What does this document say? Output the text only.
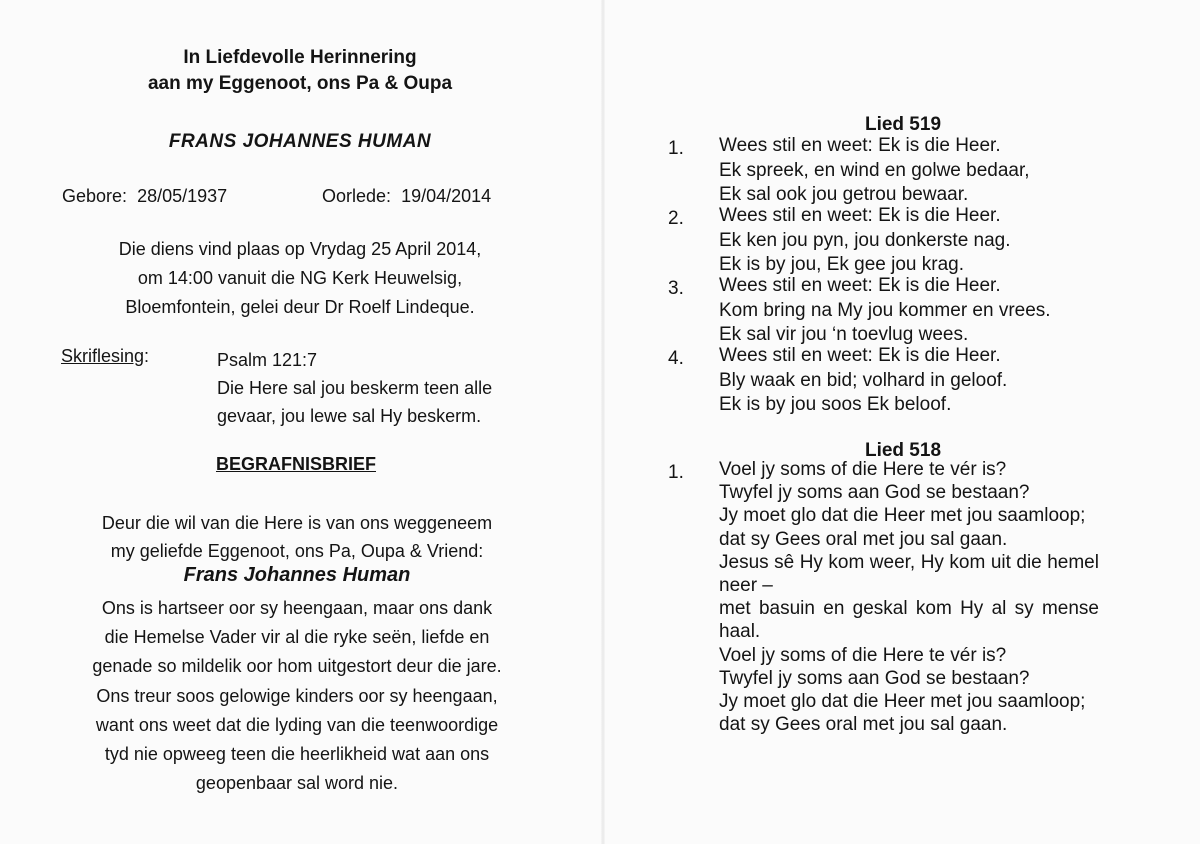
In Liefdevolle Herinnering
aan my Eggenoot, ons Pa & Oupa
FRANS JOHANNES HUMAN
Gebore: 28/05/1937	Oorlede: 19/04/2014
Die diens vind plaas op Vrydag 25 April 2014,
om 14:00 vanuit die NG Kerk Heuwelsig,
Bloemfontein, gelei deur Dr Roelf Lindeque.
Skriflesing:	Psalm 121:7
Die Here sal jou beskerm teen alle
gevaar, jou lewe sal Hy beskerm.
BEGRAFNISBRIEF
Deur die wil van die Here is van ons weggeneem
my geliefde Eggenoot, ons Pa, Oupa & Vriend:
Frans Johannes Human
Ons is hartseer oor sy heengaan, maar ons dank
die Hemelse Vader vir al die ryke seën, liefde en
genade so mildelik oor hom uitgestort deur die jare.
Ons treur soos gelowige kinders oor sy heengaan,
want ons weet dat die lyding van die teenwoordige
tyd nie opweeg teen die heerlikheid wat aan ons
geopenbaar sal word nie.
Lied 519
1. Wees stil en weet: Ek is die Heer.
Ek spreek, en wind en golwe bedaar,
Ek sal ook jou getrou bewaar.
2. Wees stil en weet: Ek is die Heer.
Ek ken jou pyn, jou donkerste nag.
Ek is by jou, Ek gee jou krag.
3. Wees stil en weet: Ek is die Heer.
Kom bring na My jou kommer en vrees.
Ek sal vir jou ‘n toevlug wees.
4. Wees stil en weet: Ek is die Heer.
Bly waak en bid; volhard in geloof.
Ek is by jou soos Ek beloof.
Lied 518
1. Voel jy soms of die Here te vér is?
Twyfel jy soms aan God se bestaan?
Jy moet glo dat die Heer met jou saamloop;
dat sy Gees oral met jou sal gaan.
Jesus sê Hy kom weer, Hy kom uit die hemel
neer –
met basuin en geskal kom Hy al sy mense
haal.
Voel jy soms of die Here te vér is?
Twyfel jy soms aan God se bestaan?
Jy moet glo dat die Heer met jou saamloop;
dat sy Gees oral met jou sal gaan.
